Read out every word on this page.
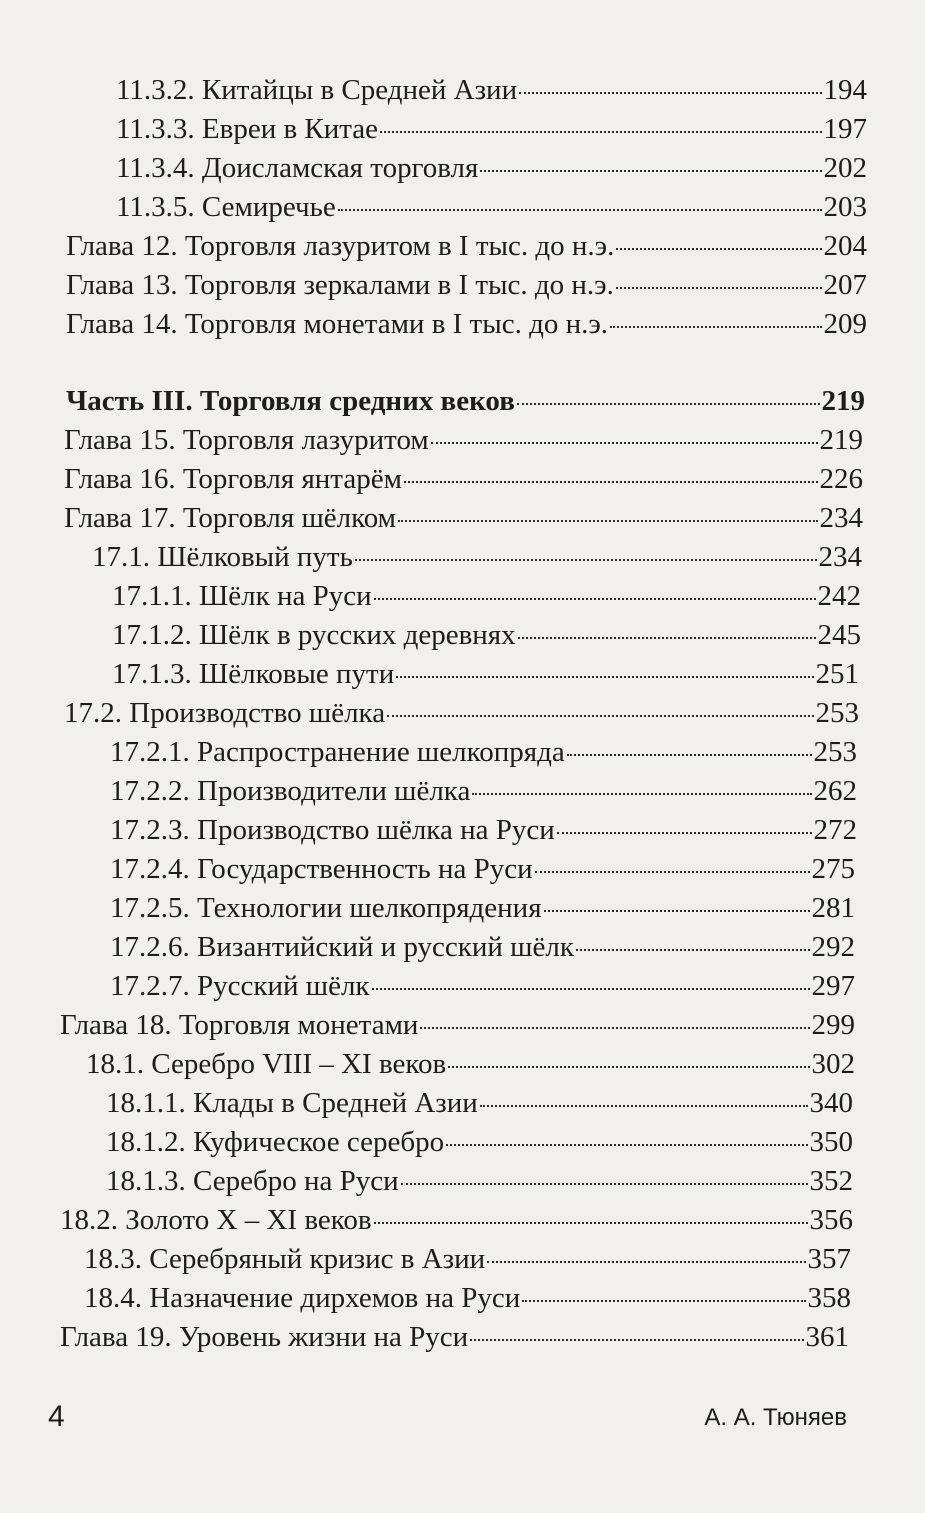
11.3.2. Китайцы в Средней Азии	194
11.3.3. Евреи в Китае	197
11.3.4. Доисламская торговля	202
11.3.5. Семиречье	203
Глава 12. Торговля лазуритом в I тыс. до н.э.	204
Глава 13. Торговля зеркалами в I тыс. до н.э.	207
Глава 14. Торговля монетами в I тыс. до н.э.	209
Часть III. Торговля средних веков	219
Глава 15. Торговля лазуритом	219
Глава 16. Торговля янтарём	226
Глава 17. Торговля шёлком	234
17.1. Шёлковый путь	234
17.1.1. Шёлк на Руси	242
17.1.2. Шёлк в русских деревнях	245
17.1.3. Шёлковые пути	251
17.2. Производство шёлка	253
17.2.1. Распространение шелкопряда	253
17.2.2. Производители шёлка	262
17.2.3. Производство шёлка на Руси	272
17.2.4. Государственность на Руси	275
17.2.5. Технологии шелкопрядения	281
17.2.6. Византийский и русский шёлк	292
17.2.7. Русский шёлк	297
Глава 18. Торговля монетами	299
18.1. Серебро VIII – XI веков	302
18.1.1. Клады в Средней Азии	340
18.1.2. Куфическое серебро	350
18.1.3. Серебро на Руси	352
18.2. Золото X – XI веков	356
18.3. Серебряный кризис в Азии	357
18.4. Назначение дирхемов на Руси	358
Глава 19. Уровень жизни на Руси	361
4	А. А. Тюняев
